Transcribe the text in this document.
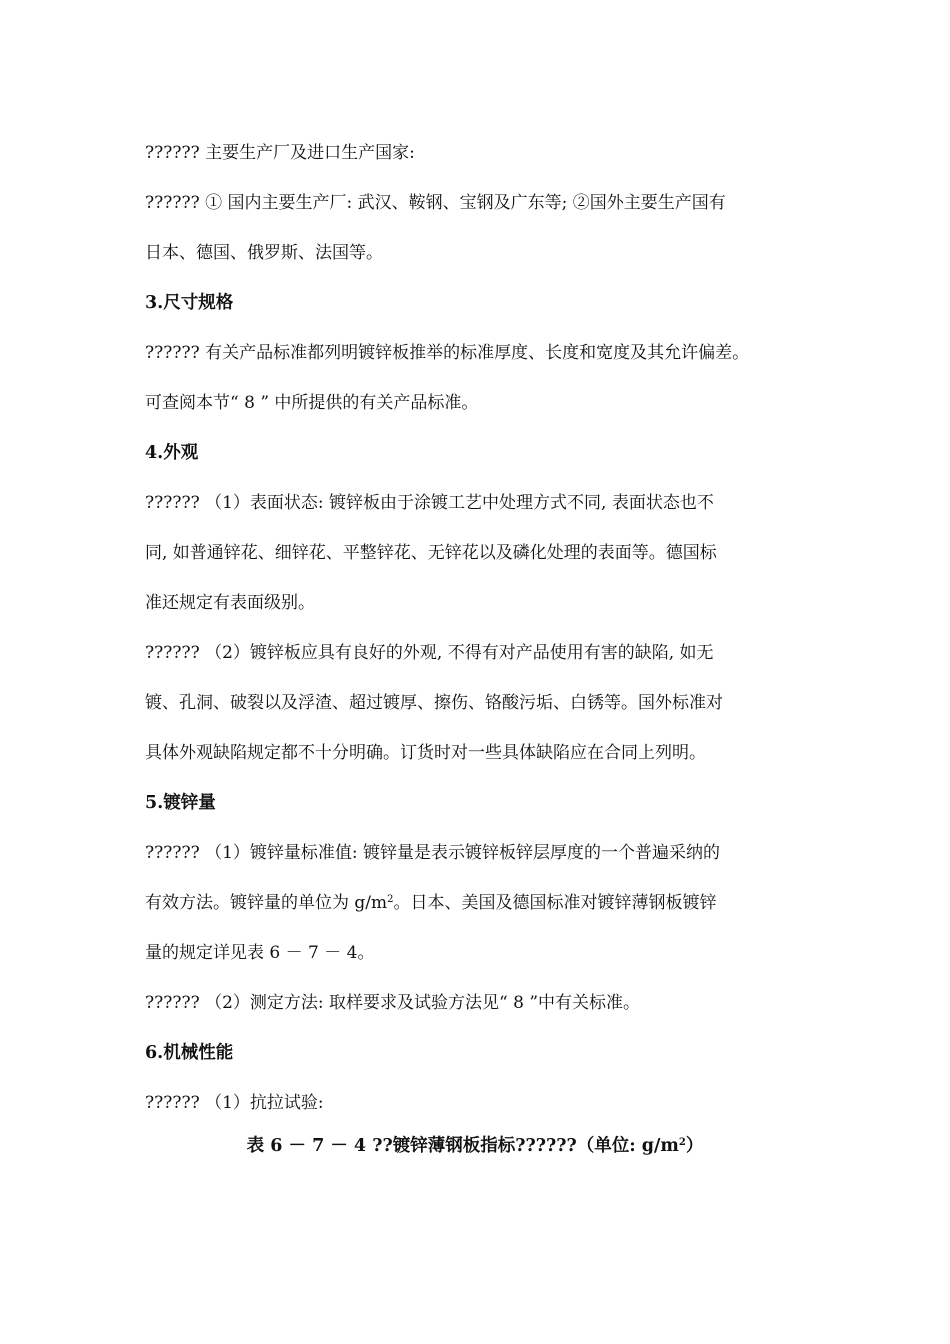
?????? 主要生产厂及进口生产国家:

?????? ① 国内主要生产厂: 武汉、鞍钢、宝钢及广东等; ②国外主要生产国有

日本、德国、俄罗斯、法国等。

3.尺寸规格

?????? 有关产品标准都列明镀锌板推举的标准厚度、长度和宽度及其允许偏差。

可查阅本节“ 8 ” 中所提供的有关产品标准。

4.外观

?????? （1）表面状态: 镀锌板由于涂镀工艺中处理方式不同, 表面状态也不

同, 如普通锌花、细锌花、平整锌花、无锌花以及磷化处理的表面等。德国标

准还规定有表面级别。

?????? （2）镀锌板应具有良好的外观, 不得有对产品使用有害的缺陷, 如无

镀、孔洞、破裂以及浮渣、超过镀厚、擦伤、铬酸污垢、白锈等。国外标准对

具体外观缺陷规定都不十分明确。订货时对一些具体缺陷应在合同上列明。

5.镀锌量

?????? （1）镀锌量标准值: 镀锌量是表示镀锌板锌层厚度的一个普遍采纳的

有效方法。镀锌量的单位为 $g/m^2$。日本、美国及德国标准对镀锌薄钢板镀锌

量的规定详见表 6 － 7 － 4。

?????? （2）测定方法: 取样要求及试验方法见“ 8 ”中有关标准。

6.机械性能

?????? （1）抗拉试验:

表 6 － 7 － 4 ??镀锌薄钢板指标??????（单位: $g/m^2$）
